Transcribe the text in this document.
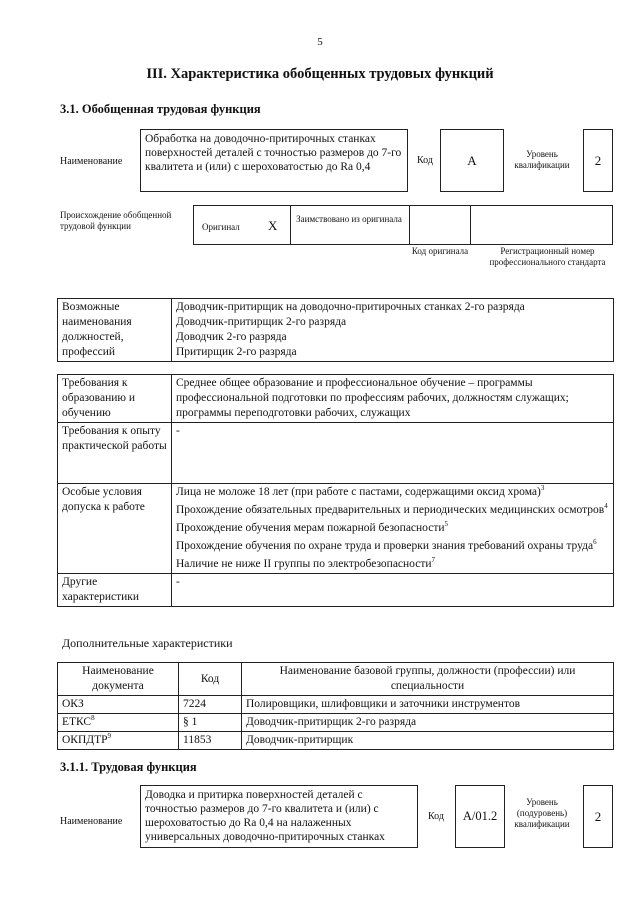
5
III. Характеристика обобщенных трудовых функций
3.1. Обобщенная трудовая функция
Наименование
Обработка на доводочно-притирочных станках поверхностей деталей с точностью размеров до 7-го квалитета и (или) с шероховатостью до Ra 0,4
Код	А	Уровень квалификации	2
Происхождение обобщенной трудовой функции	Оригинал X Заимствовано из оригинала
Код оригинала	Регистрационный номер профессионального стандарта
Возможные наименования должностей, профессий	
Доводчик-притирщик на доводочно-притирочных станках 2-го разряда
Доводчик-притирщик 2-го разряда
Доводчик 2-го разряда
Притирщик 2-го разряда
Требования к образованию и обучению	Среднее общее образование и профессиональное обучение – программы профессиональной подготовки по профессиям рабочих, должностям служащих; программы переподготовки рабочих, служащих
Требования к опыту практической работы	-
Особые условия допуска к работе	Лица не моложе 18 лет (при работе с пастами, содержащими оксид хрома)$^3$
Прохождение обязательных предварительных и периодических медицинских осмотров$^4$
Прохождение обучения мерам пожарной безопасности$^5$
Прохождение обучения по охране труда и проверки знания требований охраны труда$^6$
Наличие не ниже II группы по электробезопасности$^7$

Другие характеристики	-
Дополнительные характеристики
Наименование документа	Код	Наименование базовой группы, должности (профессии) или специальности
ОКЗ	7224	Полировщики, шлифовщики и заточники инструментов
ЕТКС$^8$	§ 1	Доводчик-притирщик 2-го разряда
ОКПДТР$^9$	11853	Доводчик-притирщик
3.1.1. Трудовая функция
Наименование
Доводка и притирка поверхностей деталей с точностью размеров до 7-го квалитета и (или) с шероховатостью до Ra 0,4 на налаженных универсальных доводочно-притирочных станках
Код	A/01.2
Уровень (подуровень) квалификации
2
